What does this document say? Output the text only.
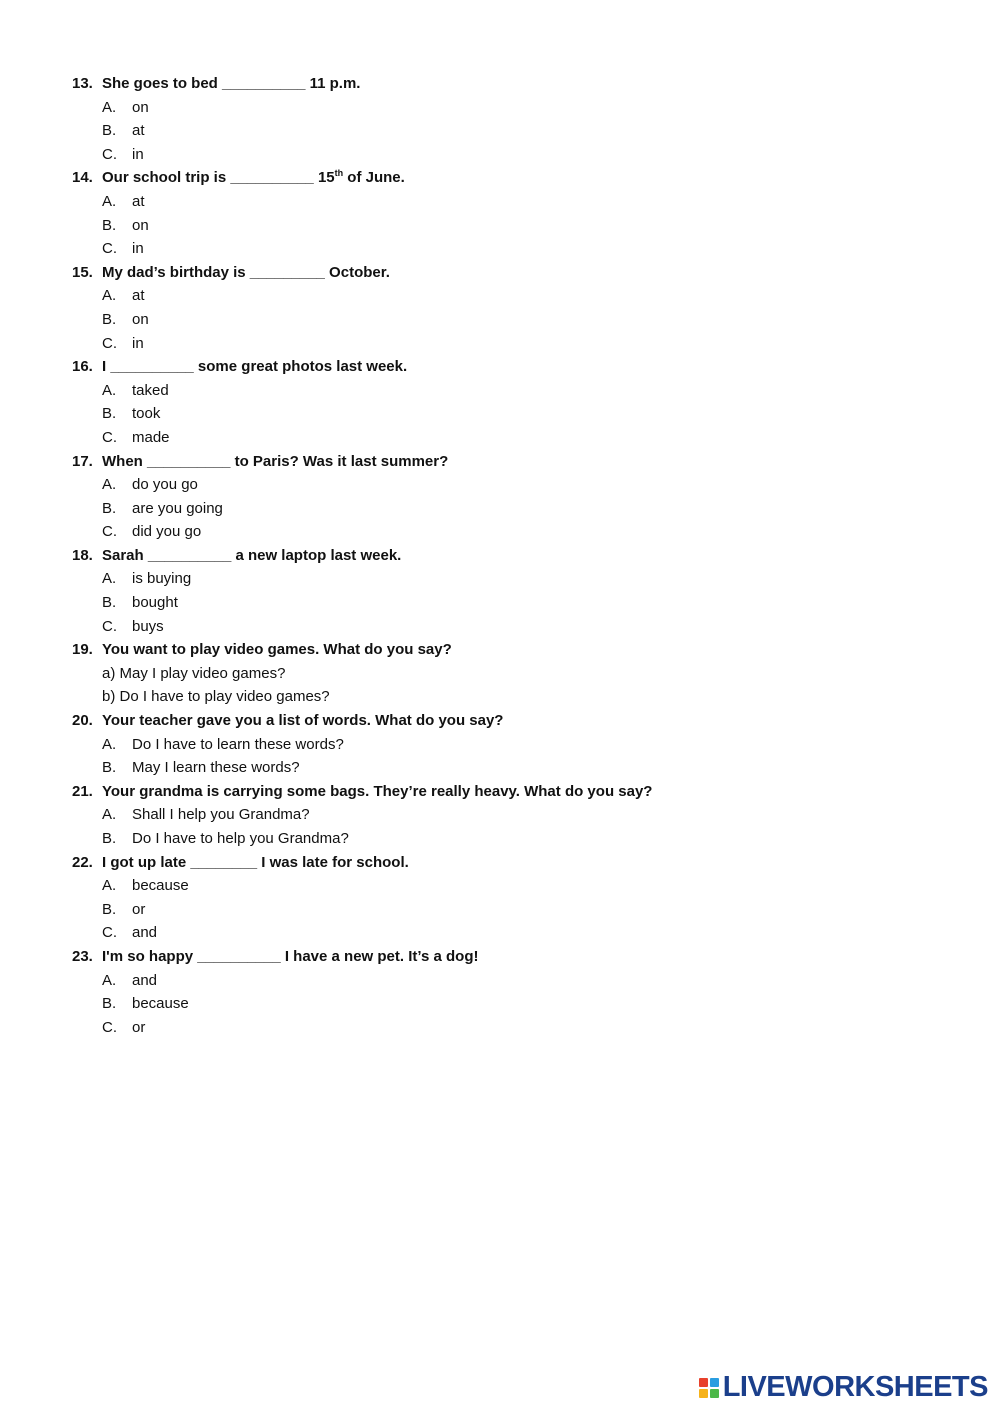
13. She goes to bed __________ 11 p.m.
A.	on
B.	at
C.	in
14. Our school trip is __________ 15th of June.
A.	at
B.	on
C.	in
15. My dad’s birthday is _________ October.
A.	at
B.	on
C.	in
16. I __________ some great photos last week.
A.	taked
B.	took
C.	made
17. When __________ to Paris? Was it last summer?
A.	do you go
B.	are you going
C.	did you go
18. Sarah __________ a new laptop last week.
A.	is buying
B.	bought
C.	buys
19. You want to play video games. What do you say?
a) May I play video games?
b) Do I have to play video games?
20. Your teacher gave you a list of words. What do you say?
A.	Do I have to learn these words?
B.	May I learn these words?
21. Your grandma is carrying some bags. They’re really heavy. What do you say?
A.	Shall I help you Grandma?
B.	Do I have to help you Grandma?
22. I got up late ________ I was late for school.
A.	because
B.	or
C.	and
23. I'm so happy __________ I have a new pet. It’s a dog!
A.	and
B.	because
C.	or
LIVEWORKSHEETS
